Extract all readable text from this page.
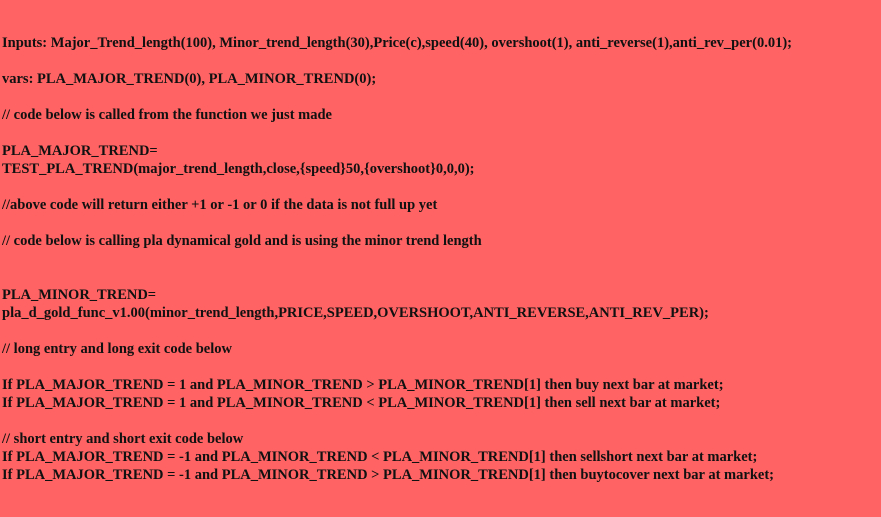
Inputs: Major_Trend_length(100), Minor_trend_length(30),Price(c),speed(40), overshoot(1), anti_reverse(1),anti_rev_per(0.01);
vars: PLA_MAJOR_TREND(0), PLA_MINOR_TREND(0);
// code below is called from the function we just made
PLA_MAJOR_TREND=
TEST_PLA_TREND(major_trend_length,close,{speed}50,{overshoot}0,0,0);
//above code will return either +1 or -1 or 0 if the data is not full up yet
// code below is calling pla dynamical gold and is using the minor trend length
PLA_MINOR_TREND=
pla_d_gold_func_v1.00(minor_trend_length,PRICE,SPEED,OVERSHOOT,ANTI_REVERSE,ANTI_REV_PER);
// long entry and long exit code below
If PLA_MAJOR_TREND = 1 and PLA_MINOR_TREND > PLA_MINOR_TREND[1] then buy next bar at market;
If PLA_MAJOR_TREND = 1 and PLA_MINOR_TREND < PLA_MINOR_TREND[1] then sell next bar at market;
// short entry and short exit code below
If PLA_MAJOR_TREND = -1 and PLA_MINOR_TREND < PLA_MINOR_TREND[1] then sellshort next bar at market;
If PLA_MAJOR_TREND = -1 and PLA_MINOR_TREND > PLA_MINOR_TREND[1] then buytocover next bar at market;
